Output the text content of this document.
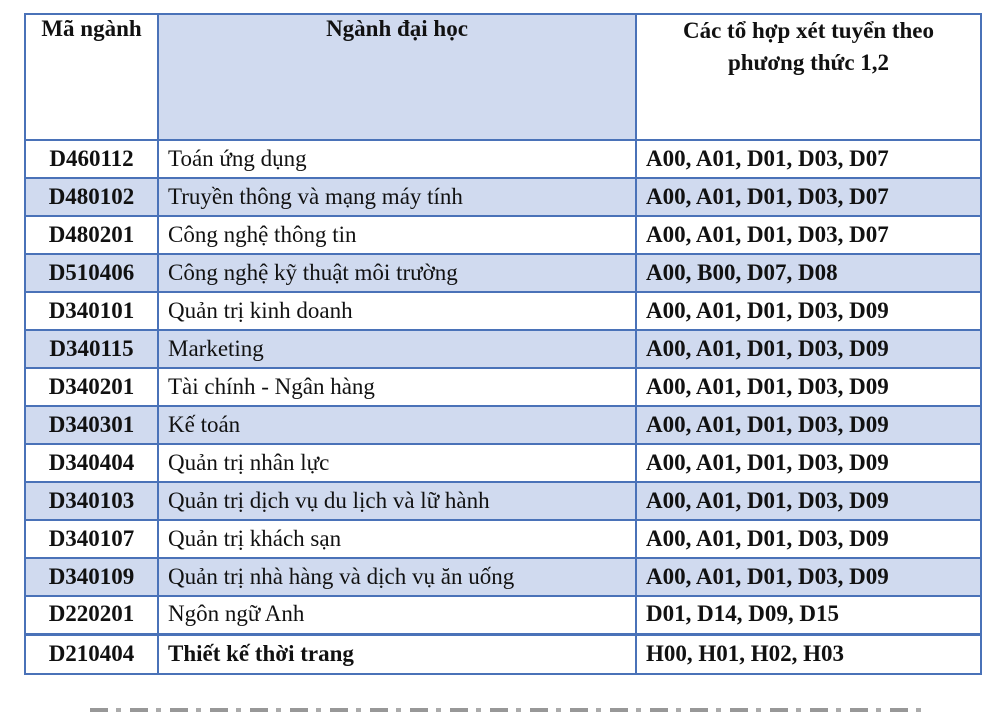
Mã ngành	Ngành đại học	Các tổ hợp xét tuyển theo phương thức 1,2
D460112	Toán ứng dụng	A00, A01, D01, D03, D07
D480102	Truyền thông và mạng máy tính	A00, A01, D01, D03, D07
D480201	Công nghệ thông tin	A00, A01, D01, D03, D07
D510406	Công nghệ kỹ thuật môi trường	A00, B00, D07, D08
D340101	Quản trị kinh doanh	A00, A01, D01, D03, D09
D340115	Marketing	A00, A01, D01, D03, D09
D340201	Tài chính - Ngân hàng	A00, A01, D01, D03, D09
D340301	Kế toán	A00, A01, D01, D03, D09
D340404	Quản trị nhân lực	A00, A01, D01, D03, D09
D340103	Quản trị dịch vụ du lịch và lữ hành	A00, A01, D01, D03, D09
D340107	Quản trị khách sạn	A00, A01, D01, D03, D09
D340109	Quản trị nhà hàng và dịch vụ ăn uống	A00, A01, D01, D03, D09
D220201	Ngôn ngữ Anh	D01, D14, D09, D15
D210404	Thiết kế thời trang	H00, H01, H02, H03
